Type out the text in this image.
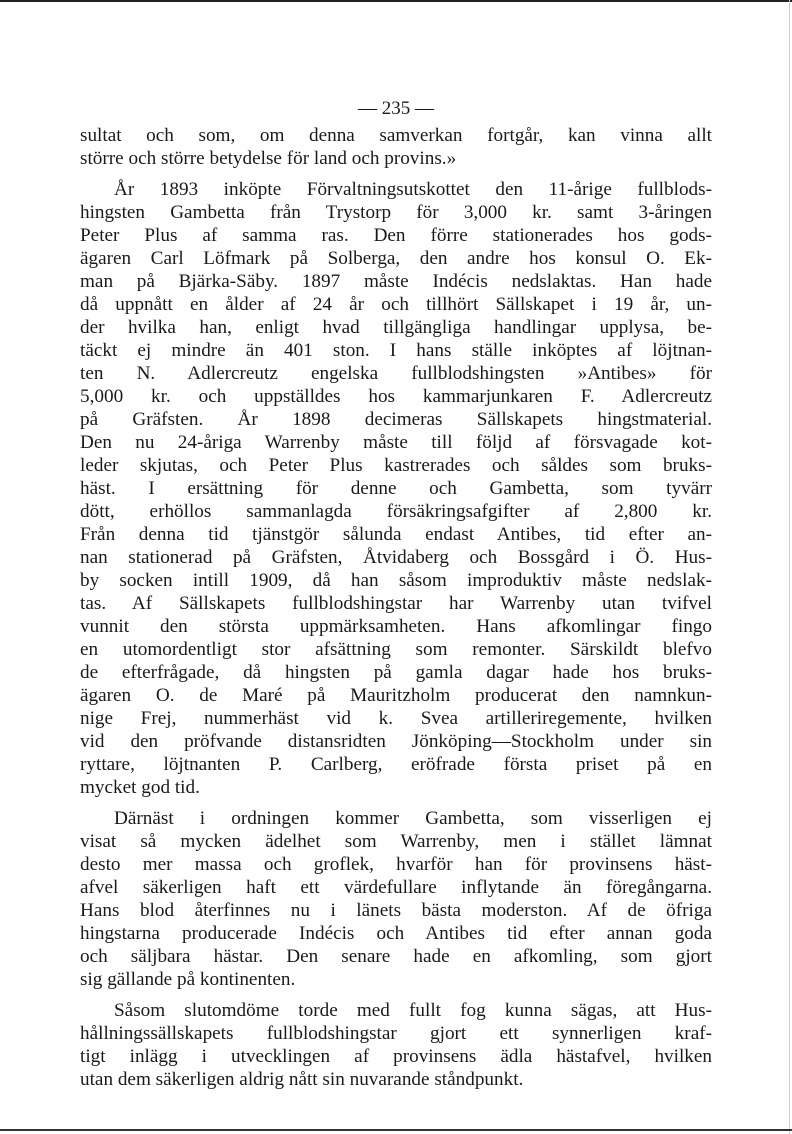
— 235 —
sultat och som, om denna samverkan fortgår, kan vinna allt
större och större betydelse för land och provins.»
År 1893 inköpte Förvaltningsutskottet den 11-årige fullblods-
hingsten Gambetta från Trystorp för 3,000 kr. samt 3-åringen
Peter Plus af samma ras. Den förre stationerades hos gods-
ägaren Carl Löfmark på Solberga, den andre hos konsul O. Ek-
man på Bjärka-Säby. 1897 måste Indécis nedslaktas. Han hade
då uppnått en ålder af 24 år och tillhört Sällskapet i 19 år, un-
der hvilka han, enligt hvad tillgängliga handlingar upplysa, be-
täckt ej mindre än 401 ston. I hans ställe inköptes af löjtnan-
ten N. Adlercreutz engelska fullblodshingsten »Antibes» för
5,000 kr. och uppställdes hos kammarjunkaren F. Adlercreutz
på Gräfsten. År 1898 decimeras Sällskapets hingstmaterial.
Den nu 24-åriga Warrenby måste till följd af försvagade kot-
leder skjutas, och Peter Plus kastrerades och såldes som bruks-
häst. I ersättning för denne och Gambetta, som tyvärr
dött, erhöllos sammanlagda försäkringsafgifter af 2,800 kr.
Från denna tid tjänstgör sålunda endast Antibes, tid efter an-
nan stationerad på Gräfsten, Åtvidaberg och Bossgård i Ö. Hus-
by socken intill 1909, då han såsom improduktiv måste nedslak-
tas. Af Sällskapets fullblodshingstar har Warrenby utan tvifvel
vunnit den största uppmärksamheten. Hans afkomlingar fingo
en utomordentligt stor afsättning som remonter. Särskildt blefvo
de efterfrågade, då hingsten på gamla dagar hade hos bruks-
ägaren O. de Maré på Mauritzholm producerat den namnkun-
nige Frej, nummerhäst vid k. Svea artilleriregemente, hvilken
vid den pröfvande distansridten Jönköping—Stockholm under sin
ryttare, löjtnanten P. Carlberg, eröfrade första priset på en
mycket god tid.
Därnäst i ordningen kommer Gambetta, som visserligen ej
visat så mycken ädelhet som Warrenby, men i stället lämnat
desto mer massa och groflek, hvarför han för provinsens häst-
afvel säkerligen haft ett värdefullare inflytande än föregångarna.
Hans blod återfinnes nu i länets bästa moderston. Af de öfriga
hingstarna producerade Indécis och Antibes tid efter annan goda
och säljbara hästar. Den senare hade en afkomling, som gjort
sig gällande på kontinenten.
Såsom slutomdöme torde med fullt fog kunna sägas, att Hus-
hållningssällskapets fullblodshingstar gjort ett synnerligen kraf-
tigt inlägg i utvecklingen af provinsens ädla hästafvel, hvilken
utan dem säkerligen aldrig nått sin nuvarande ståndpunkt.
